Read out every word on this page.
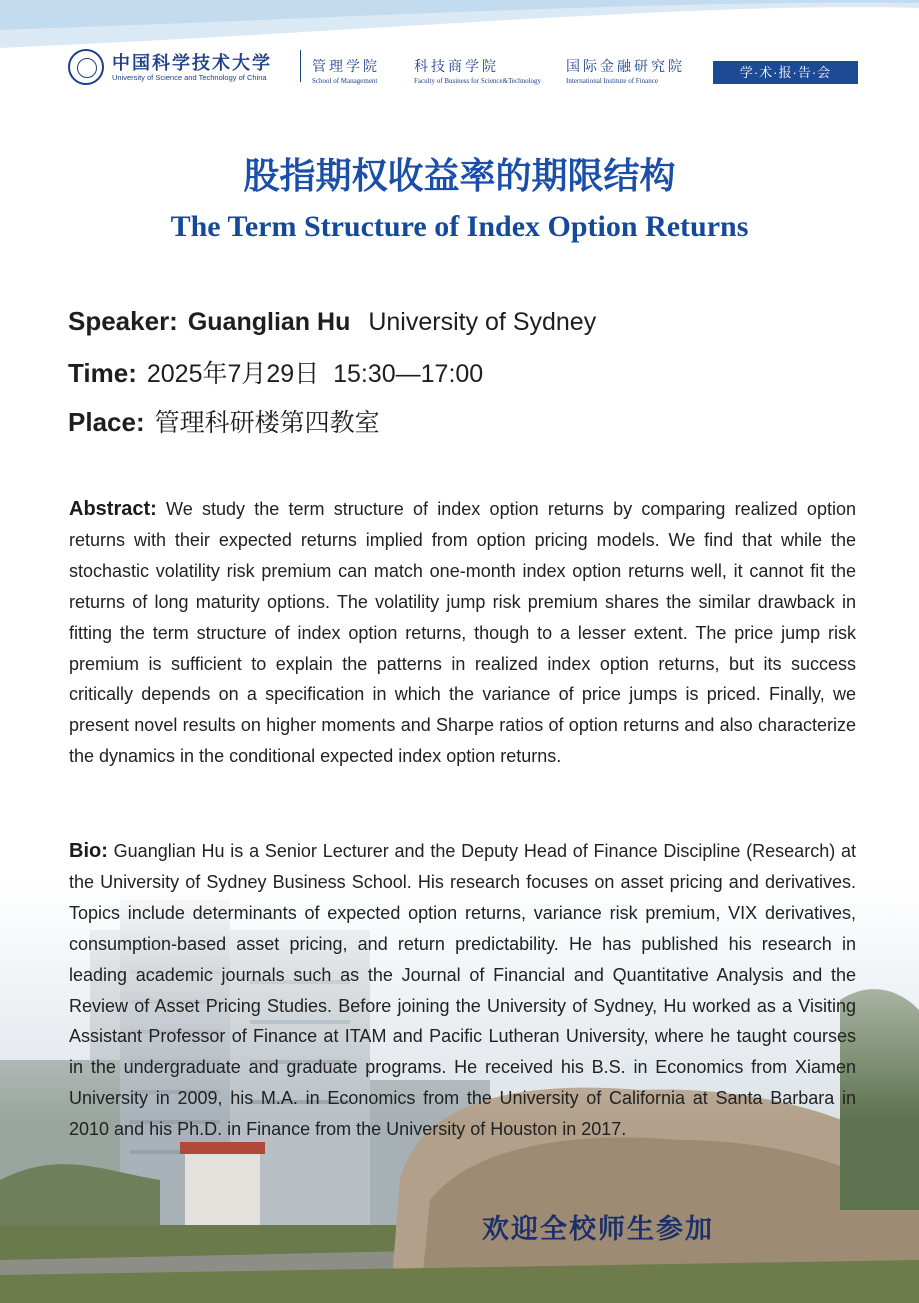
中国科学技术大学
University of Science and Technology of China
管理学院
School of Management
科技商学院
Faculty of Business for Science&Technology
国际金融研究院
International Institute of Finance
学·术·报·告·会
股指期权收益率的期限结构
The Term Structure of Index Option Returns
Speaker: Guanglian Hu University of Sydney
Time: 2025年7月29日  15:30—17:00
Place: 管理科研楼第四教室
Abstract: We study the term structure of index option returns by comparing realized option returns with their expected returns implied from option pricing models. We find that while the stochastic volatility risk premium can match one-month index option returns well, it cannot fit the returns of long maturity options. The volatility jump risk premium shares the similar drawback in fitting the term structure of index option returns, though to a lesser extent. The price jump risk premium is sufficient to explain the patterns in realized index option returns, but its success critically depends on a specification in which the variance of price jumps is priced. Finally, we present novel results on higher moments and Sharpe ratios of option returns and also characterize the dynamics in the conditional expected index option returns.
Bio: Guanglian Hu is a Senior Lecturer and the Deputy Head of Finance Discipline (Research) at the University of Sydney Business School. His research focuses on asset pricing and derivatives. Topics include determinants of expected option returns, variance risk premium, VIX derivatives, consumption-based asset pricing, and return predictability. He has published his research in leading academic journals such as the Journal of Financial and Quantitative Analysis and the Review of Asset Pricing Studies. Before joining the University of Sydney, Hu worked as a Visiting Assistant Professor of Finance at ITAM and Pacific Lutheran University, where he taught courses in the undergraduate and graduate programs. He received his B.S. in Economics from Xiamen University in 2009, his M.A. in Economics from the University of California at Santa Barbara in 2010 and his Ph.D. in Finance from the University of Houston in 2017.
欢迎全校师生参加
